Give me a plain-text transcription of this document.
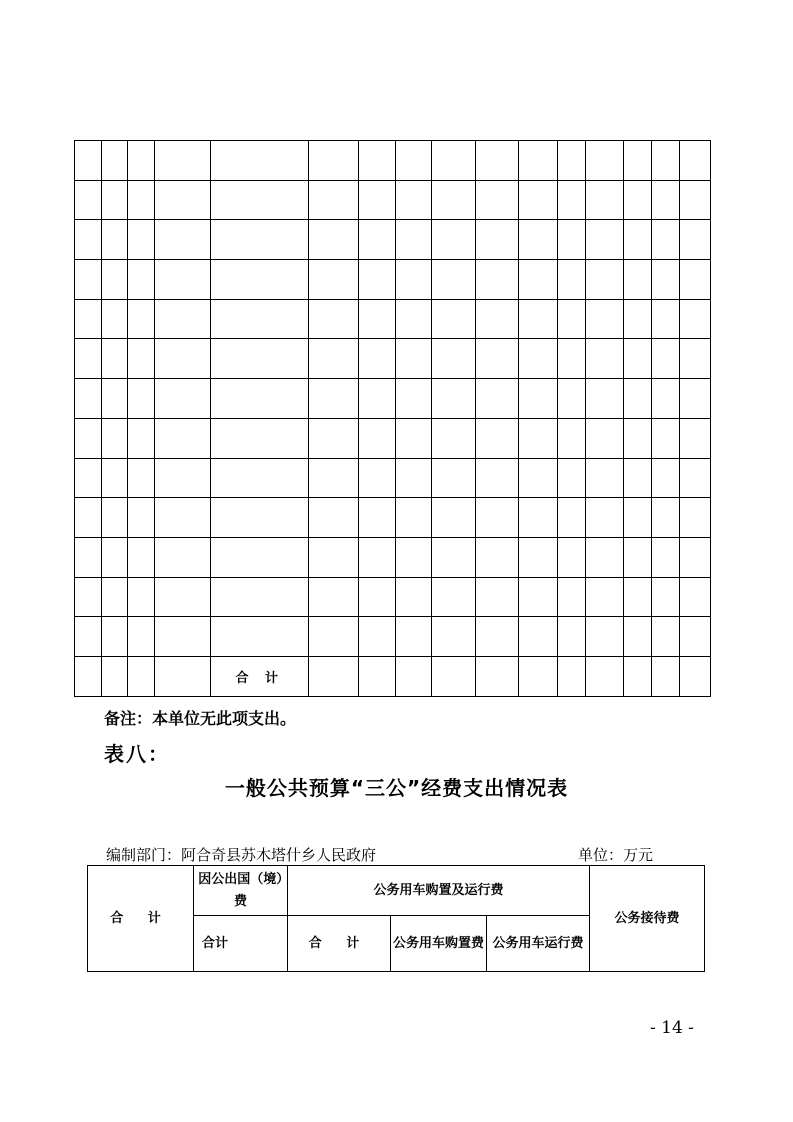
				合 计											
备注：本单位无此项支出。
表八：
一般公共预算“三公”经费支出情况表
编制部门：阿合奇县苏木塔什乡人民政府	单位：万元
合 计	因公出国（境）费	公务用车购置及运行费			公务接待费
	合计	合 计	公务用车购置费	公务用车运行费	
- 14 -
